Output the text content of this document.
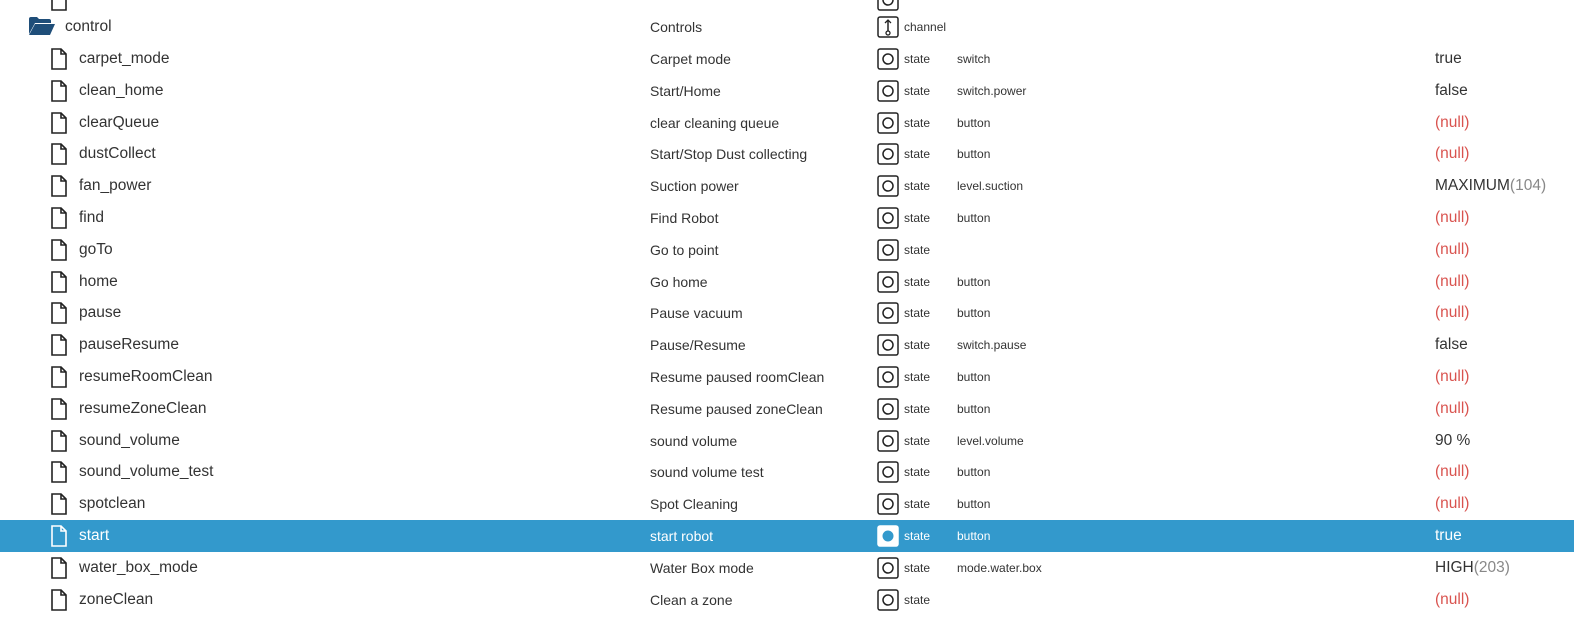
control	Controls	channel
carpet_mode	Carpet mode	state switch	true
clean_home	Start/Home	state switch.power	false
clearQueue	clear cleaning queue	state button	(null)
dustCollect	Start/Stop Dust collecting	state button	(null)
fan_power	Suction power	state level.suction	MAXIMUM(104)
find	Find Robot	state button	(null)
goTo	Go to point	state	(null)
home	Go home	state button	(null)
pause	Pause vacuum	state button	(null)
pauseResume	Pause/Resume	state switch.pause	false
resumeRoomClean	Resume paused roomClean	state button	(null)
resumeZoneClean	Resume paused zoneClean	state button	(null)
sound_volume	sound volume	state level.volume	90 %
sound_volume_test	sound volume test	state button	(null)
spotclean	Spot Cleaning	state button	(null)
start	start robot	state button	true
water_box_mode	Water Box mode	state mode.water.box	HIGH(203)
zoneClean	Clean a zone	state	(null)
